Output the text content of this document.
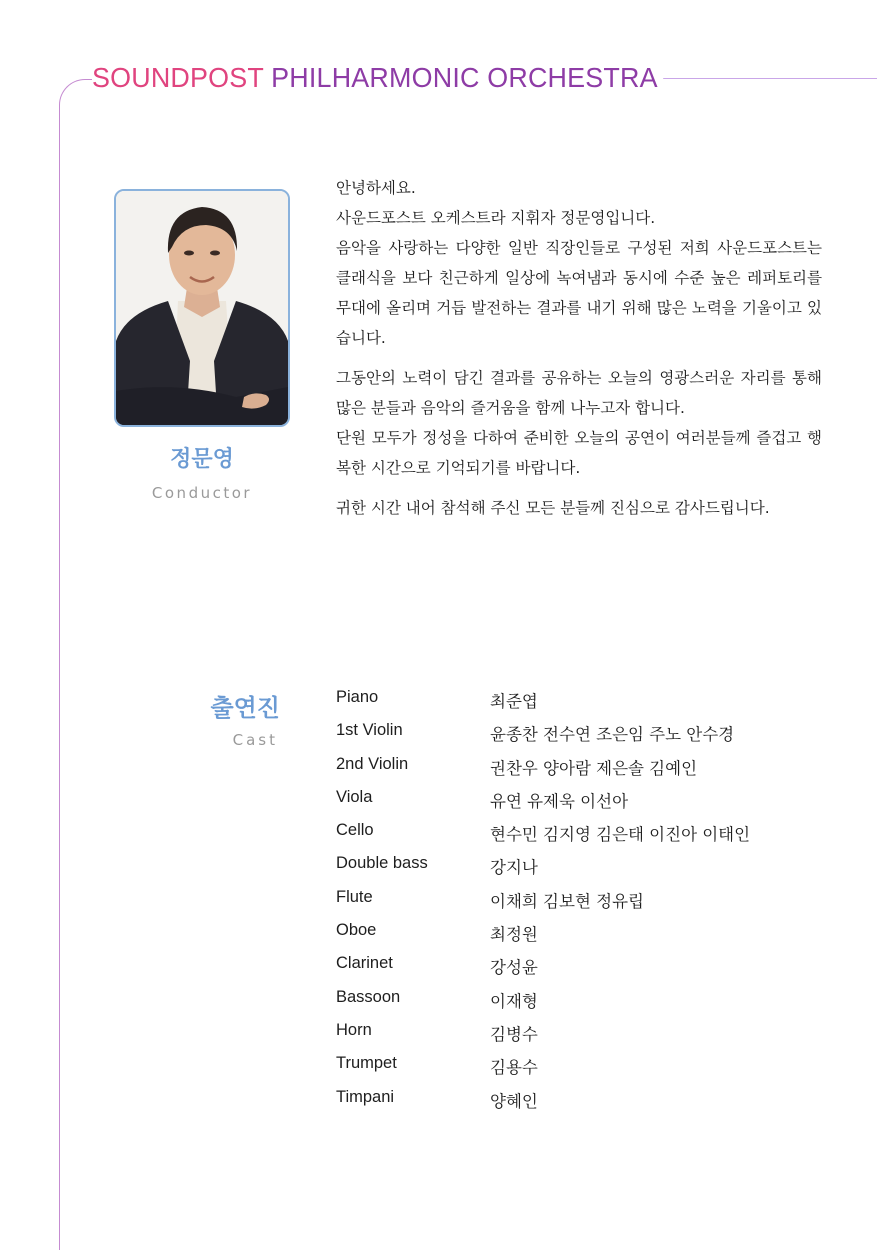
SOUNDPOST PHILHARMONIC ORCHESTRA
정문영
Conductor

안녕하세요.
사운드포스트 오케스트라 지휘자 정문영입니다.
음악을 사랑하는 다양한 일반 직장인들로 구성된 저희 사운드포스트는 클래식을 보다 친근하게 일상에 녹여냄과 동시에 수준 높은 레퍼토리를 무대에 올리며 거듭 발전하는 결과를 내기 위해 많은 노력을 기울이고 있습니다.

그동안의 노력이 담긴 결과를 공유하는 오늘의 영광스러운 자리를 통해 많은 분들과 음악의 즐거움을 함께 나누고자 합니다.
단원 모두가 정성을 다하여 준비한 오늘의 공연이 여러분들께 즐겁고 행복한 시간으로 기억되기를 바랍니다.

귀한 시간 내어 참석해 주신 모든 분들께 진심으로 감사드립니다.

출연진
Cast
Piano	최준엽
1st Violin	윤종찬 전수연 조은임 주노 안수경
2nd Violin	권찬우 양아람 제은솔 김예인
Viola	유연 유제욱 이선아
Cello	현수민 김지영 김은태 이진아 이태인
Double bass	강지나
Flute	이채희 김보현 정유립
Oboe	최정원
Clarinet	강성윤
Bassoon	이재형
Horn	김병수
Trumpet	김용수
Timpani	양혜인
